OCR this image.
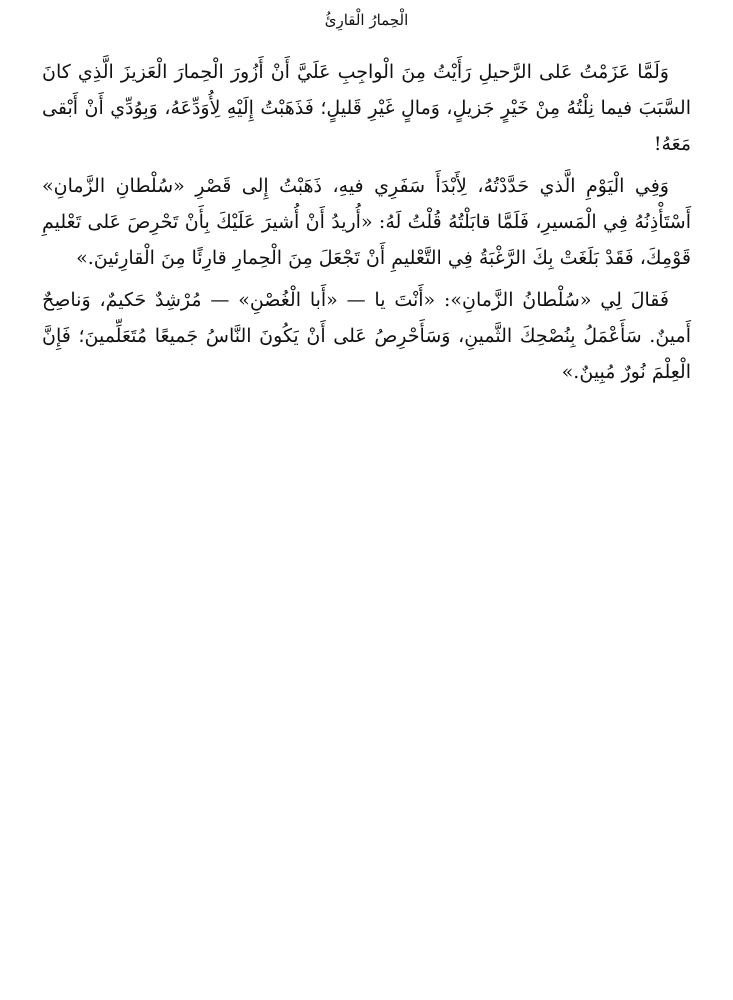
الْحِمارُ الْقارِئُ

وَلَمَّا عَزَمْتُ عَلى الرَّحيلِ رَأَيْتُ مِنَ الْواجِبِ عَلَيَّ أَنْ أَزُورَ الْحِمارَ الْعَزيزَ الَّذِي كانَ السَّبَبَ فيما نِلْتُهُ مِنْ خَيْرٍ جَزيلٍ، وَمالٍ غَيْرِ قَليلٍ؛ فَذَهَبْتُ إِلَيْهِ لِأُوَدِّعَهُ، وَبِوُدِّي أَنْ أَبْقى مَعَهُ!

وَفِي الْيَوْمِ الَّذي حَدَّدْتُهُ، لِأَبْدَأَ سَفَرِي فيهِ، ذَهَبْتُ إِلى قَصْرِ «سُلْطانِ الزَّمانِ» أَسْتَأْذِنُهُ فِي الْمَسيرِ، فَلَمَّا قابَلْتُهُ قُلْتُ لَهُ: «أُريدُ أَنْ أُشيرَ عَلَيْكَ بِأَنْ تَحْرِصَ عَلى تَعْليمِ قَوْمِكَ، فَقَدْ بَلَغَتْ بِكَ الرَّغْبَةُ فِي التَّعْليمِ أَنْ تَجْعَلَ مِنَ الْحِمارِ قارِئًا مِنَ الْقارِئينَ.»

فَقالَ لِي «سُلْطانُ الزَّمانِ»: «أَنْتَ يا — «أَبا الْغُصْنِ» — مُرْشِدٌ حَكيمٌ، وَناصِحٌ أَمينٌ. سَأَعْمَلُ بِنُصْحِكَ الثَّمينِ، وَسَأَحْرِصُ عَلى أَنْ يَكُونَ النَّاسُ جَميعًا مُتَعَلِّمينَ؛ فَإِنَّ الْعِلْمَ نُورٌ مُبِينٌ.»
